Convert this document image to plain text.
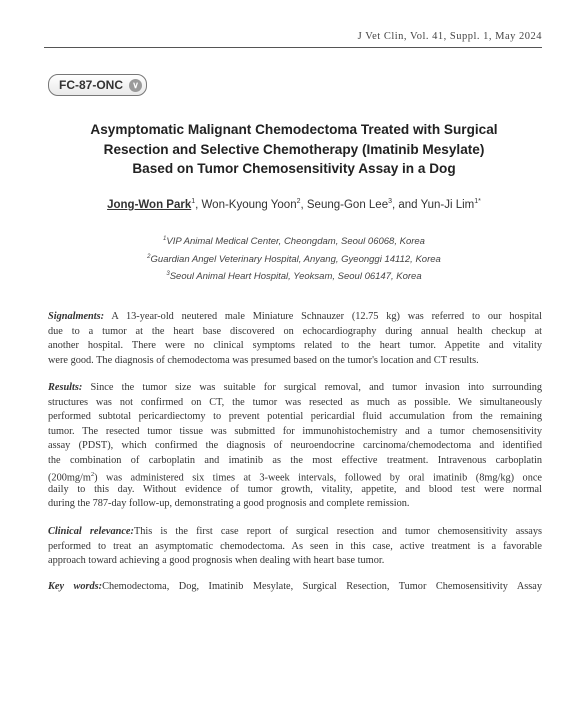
J Vet Clin, Vol. 41, Suppl. 1, May 2024
FC-87-ONC	∨
Asymptomatic Malignant Chemodectoma Treated with Surgical
Resection and Selective Chemotherapy (Imatinib Mesylate)
Based on Tumor Chemosensitivity Assay in a Dog
Jong-Won Park$^1$, Won-Kyoung Yoon$^2$, Seung-Gon Lee$^3$, and Yun-Ji Lim$^{1*}$
$^1$VIP Animal Medical Center, Cheongdam, Seoul 06068, Korea
$^2$Guardian Angel Veterinary Hospital, Anyang, Gyeonggi 14112, Korea
$^3$Seoul Animal Heart Hospital, Yeoksam, Seoul 06147, Korea
Signalments: A 13-year-old neutered male Miniature Schnauzer (12.75 kg) was referred to our hospital
due to a tumor at the heart base discovered on echocardiography during annual health checkup at
another hospital. There were no clinical symptoms related to the heart tumor. Appetite and vitality
were good. The diagnosis of chemodectoma was presumed based on the tumor's location and CT results.
Results: Since the tumor size was suitable for surgical removal, and tumor invasion into surrounding
structures was not confirmed on CT, the tumor was resected as much as possible. We simultaneously
performed subtotal pericardiectomy to prevent potential pericardial fluid accumulation from the remaining
tumor. The resected tumor tissue was submitted for immunohistochemistry and a tumor chemosensitivity
assay (PDST), which confirmed the diagnosis of neuroendocrine carcinoma/chemodectoma and identified
the combination of carboplatin and imatinib as the most effective treatment. Intravenous carboplatin
$(200mg/m^2)$ was administered six times at 3-week intervals, followed by oral imatinib (8mg/kg) once
daily to this day. Without evidence of tumor growth, vitality, appetite, and blood test were normal
during the 787-day follow-up, demonstrating a good prognosis and complete remission.
Clinical relevance:This is the first case report of surgical resection and tumor chemosensitivity assays
performed to treat an asymptomatic chemodectoma. As seen in this case, active treatment is a favorable
approach toward achieving a good prognosis when dealing with heart base tumor.
Key words:Chemodectoma, Dog, Imatinib Mesylate, Surgical Resection, Tumor Chemosensitivity Assay
